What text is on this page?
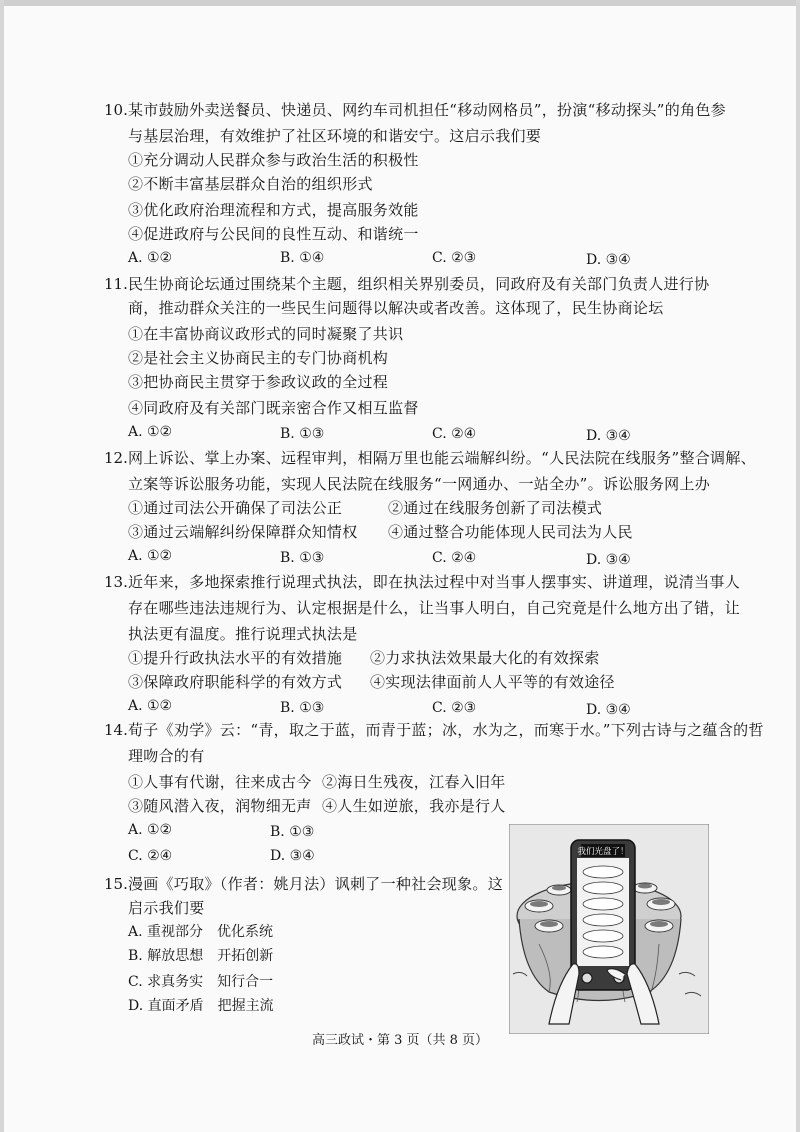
10. 某市鼓励外卖送餐员、快递员、网约车司机担任“移动网格员”，扮演“移动探头”的角色参
与基层治理，有效维护了社区环境的和谐安宁。这启示我们要
①充分调动人民群众参与政治生活的积极性
②不断丰富基层群众自治的组织形式
③优化政府治理流程和方式，提高服务效能
④促进政府与公民间的良性互动、和谐统一
A. ①②	B. ①④	C. ②③	D. ③④
11. 民生协商论坛通过围绕某个主题，组织相关界别委员，同政府及有关部门负责人进行协
商，推动群众关注的一些民生问题得以解决或者改善。这体现了，民生协商论坛
①在丰富协商议政形式的同时凝聚了共识
②是社会主义协商民主的专门协商机构
③把协商民主贯穿于参政议政的全过程
④同政府及有关部门既亲密合作又相互监督
A. ①②	B. ①③	C. ②④	D. ③④
12. 网上诉讼、掌上办案、远程审判，相隔万里也能云端解纠纷。“人民法院在线服务”整合调解、
立案等诉讼服务功能，实现人民法院在线服务“一网通办、一站全办”。诉讼服务网上办
①通过司法公开确保了司法公正	②通过在线服务创新了司法模式
③通过云端解纠纷保障群众知情权 ④通过整合功能体现人民司法为人民
A. ①②	B. ①③	C. ②④	D. ③④
13. 近年来，多地探索推行说理式执法，即在执法过程中对当事人摆事实、讲道理，说清当事人
存在哪些违法违规行为、认定根据是什么，让当事人明白，自己究竟是什么地方出了错，让
执法更有温度。推行说理式执法是
①提升行政执法水平的有效措施 ②力求执法效果最大化的有效探索
③保障政府职能科学的有效方式 ④实现法律面前人人平等的有效途径
A. ①②	B. ①③	C. ②③	D. ③④
14. 荀子《劝学》云：“青，取之于蓝，而青于蓝；冰，水为之，而寒于水。”下列古诗与之蕴含的哲
理吻合的有
①人事有代谢，往来成古今 ②海日生残夜，江春入旧年
③随风潜入夜，润物细无声 ④人生如逆旅，我亦是行人
A. ①②	B. ①③
C. ②④	D. ③④
15. 漫画《巧取》（作者：姚月法）讽刺了一种社会现象。这
启示我们要
A. 重视部分　优化系统
B. 解放思想　开拓创新
C. 求真务实　知行合一
D. 直面矛盾　把握主流
我们光盘了！
高三政试・第 3 页（共 8 页）
